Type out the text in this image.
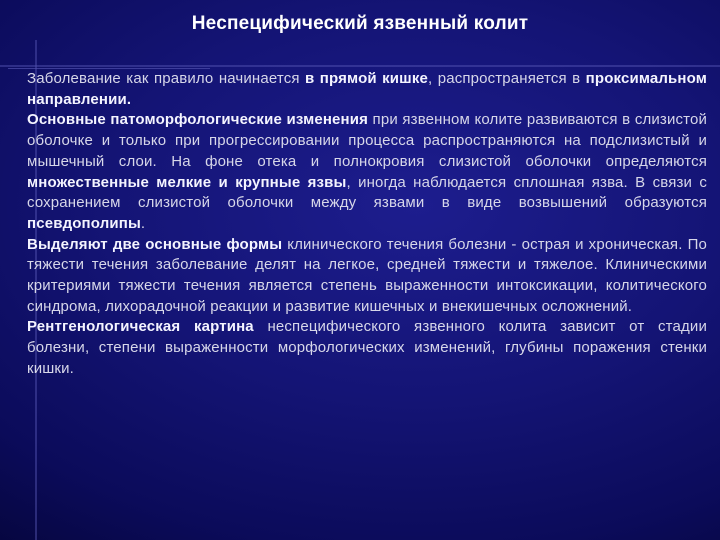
Неспецифический язвенный колит

Заболевание как правило начинается в прямой кишке, распространяется в проксимальном направлении.

Основные патоморфологические изменения при язвенном колите развиваются в слизистой оболочке и только при прогрессировании процесса распространяются на подслизистый и мышечный слои. На фоне отека и полнокровия слизистой оболочки определяются множественные мелкие и крупные язвы, иногда наблюдается сплошная язва. В связи с сохранением слизистой оболочки между язвами в виде возвышений образуются псевдополипы.

Выделяют две основные формы клинического течения болезни - острая и хроническая. По тяжести течения заболевание делят на легкое, средней тяжести и тяжелое. Клиническими критериями тяжести течения является степень выраженности интоксикации, колитического синдрома, лихорадочной реакции и развитие кишечных и внекишечных осложнений.

Рентгенологическая картина неспецифического язвенного колита зависит от стадии болезни, степени выраженности морфологических изменений, глубины поражения стенки кишки.
